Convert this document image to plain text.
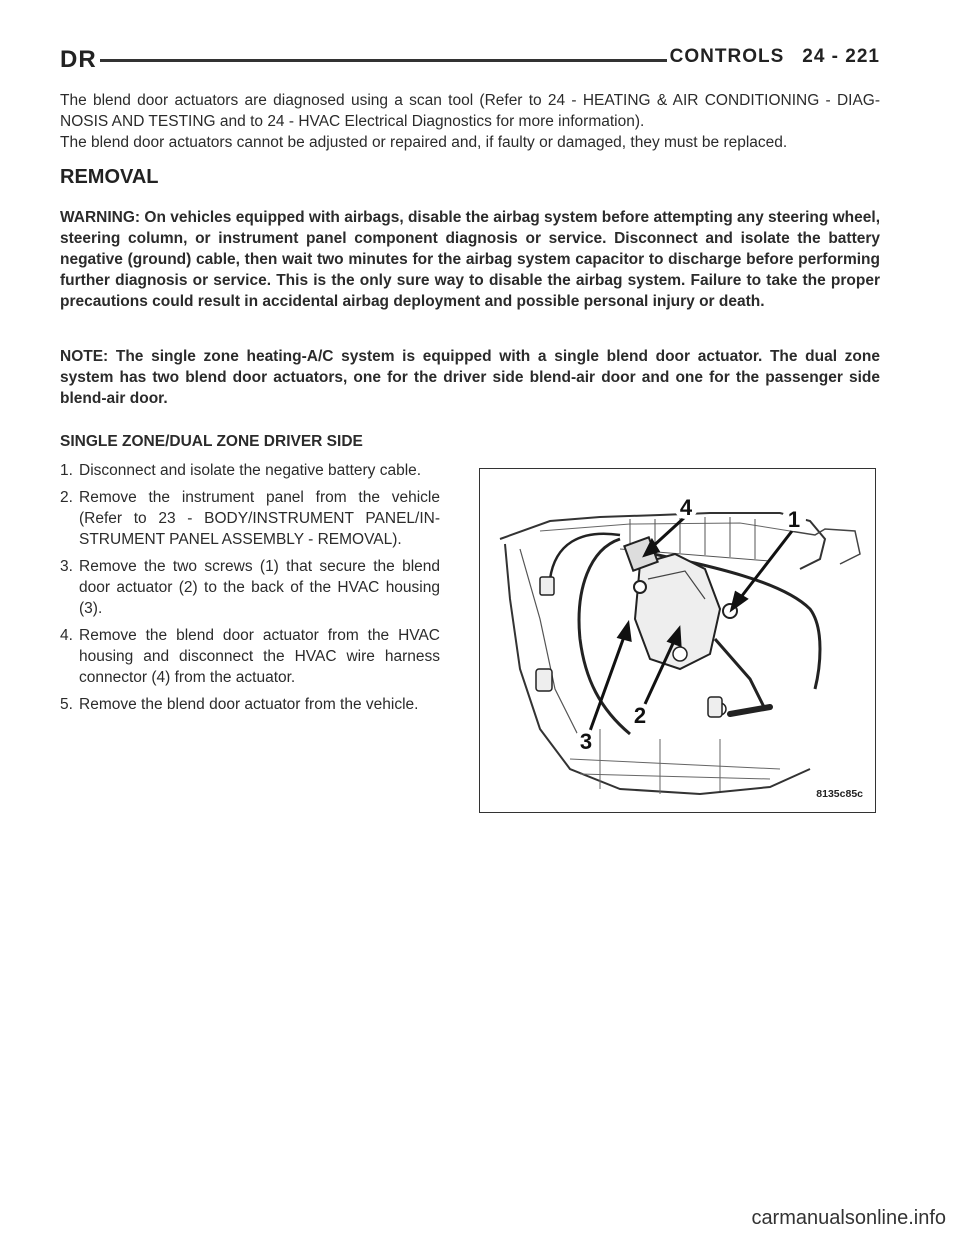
DR	CONTROLS 24 - 221

The blend door actuators are diagnosed using a scan tool (Refer to 24 - HEATING & AIR CONDITIONING - DIAG-NOSIS AND TESTING and to 24 - HVAC Electrical Diagnostics for more information).

The blend door actuators cannot be adjusted or repaired and, if faulty or damaged, they must be replaced.

REMOVAL

WARNING: On vehicles equipped with airbags, disable the airbag system before attempting any steering wheel, steering column, or instrument panel component diagnosis or service. Disconnect and isolate the battery negative (ground) cable, then wait two minutes for the airbag system capacitor to discharge before performing further diagnosis or service. This is the only sure way to disable the airbag system. Failure to take the proper precautions could result in accidental airbag deployment and possible personal injury or death.

NOTE: The single zone heating-A/C system is equipped with a single blend door actuator. The dual zone system has two blend door actuators, one for the driver side blend-air door and one for the passenger side blend-air door.

SINGLE ZONE/DUAL ZONE DRIVER SIDE

1. Disconnect and isolate the negative battery cable.
2. Remove the instrument panel from the vehicle (Refer to 23 - BODY/INSTRUMENT PANEL/IN-STRUMENT PANEL ASSEMBLY - REMOVAL).
3. Remove the two screws (1) that secure the blend door actuator (2) to the back of the HVAC housing (3).
4. Remove the blend door actuator from the HVAC housing and disconnect the HVAC wire harness connector (4) from the actuator.
5. Remove the blend door actuator from the vehicle.
4	1
2
3
8135c85c
carmanualsonline.info
